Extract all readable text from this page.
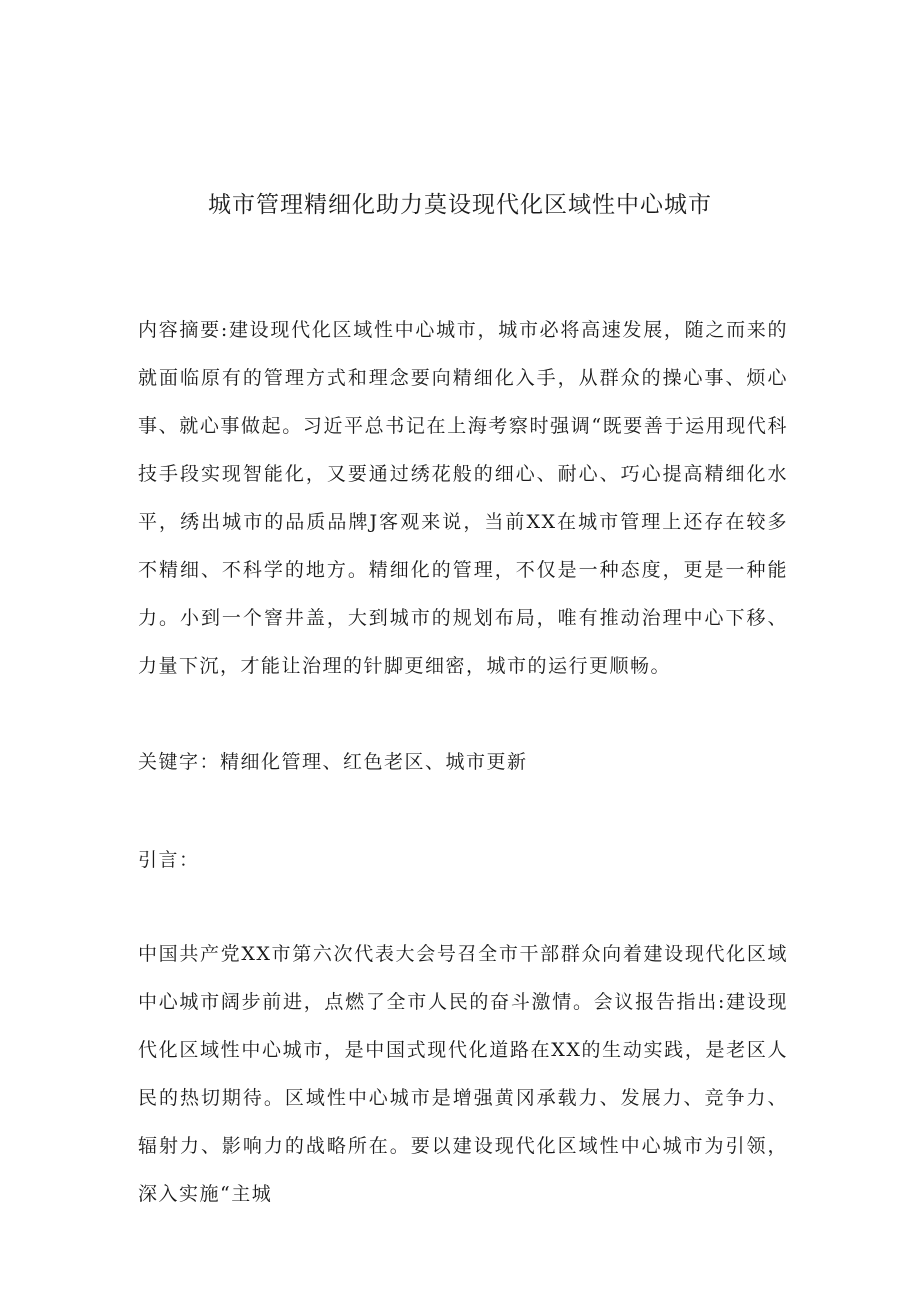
城市管理精细化助力莫设现代化区域性中心城市
内容摘要:建设现代化区域性中心城市，城市必将高速发展，随之而来的就面临原有的管理方式和理念要向精细化入手，从群众的操心事、烦心事、就心事做起。习近平总书记在上海考察时强调“既要善于运用现代科技手段实现智能化，又要通过绣花般的细心、耐心、巧心提高精细化水平，绣出城市的品质品牌J客观来说，当前XX在城市管理上还存在较多不精细、不科学的地方。精细化的管理，不仅是一种态度，更是一种能力。小到一个窨井盖，大到城市的规划布局，唯有推动治理中心下移、力量下沉，才能让治理的针脚更细密，城市的运行更顺畅。
关键字：精细化管理、红色老区、城市更新
引言：
中国共产党XX市第六次代表大会号召全市干部群众向着建设现代化区域中心城市阔步前进，点燃了全市人民的奋斗激情。会议报告指出:建设现代化区域性中心城市，是中国式现代化道路在XX的生动实践，是老区人民的热切期待。区域性中心城市是增强黄冈承载力、发展力、竞争力、辐射力、影响力的战略所在。要以建设现代化区域性中心城市为引领，深入实施“主城
